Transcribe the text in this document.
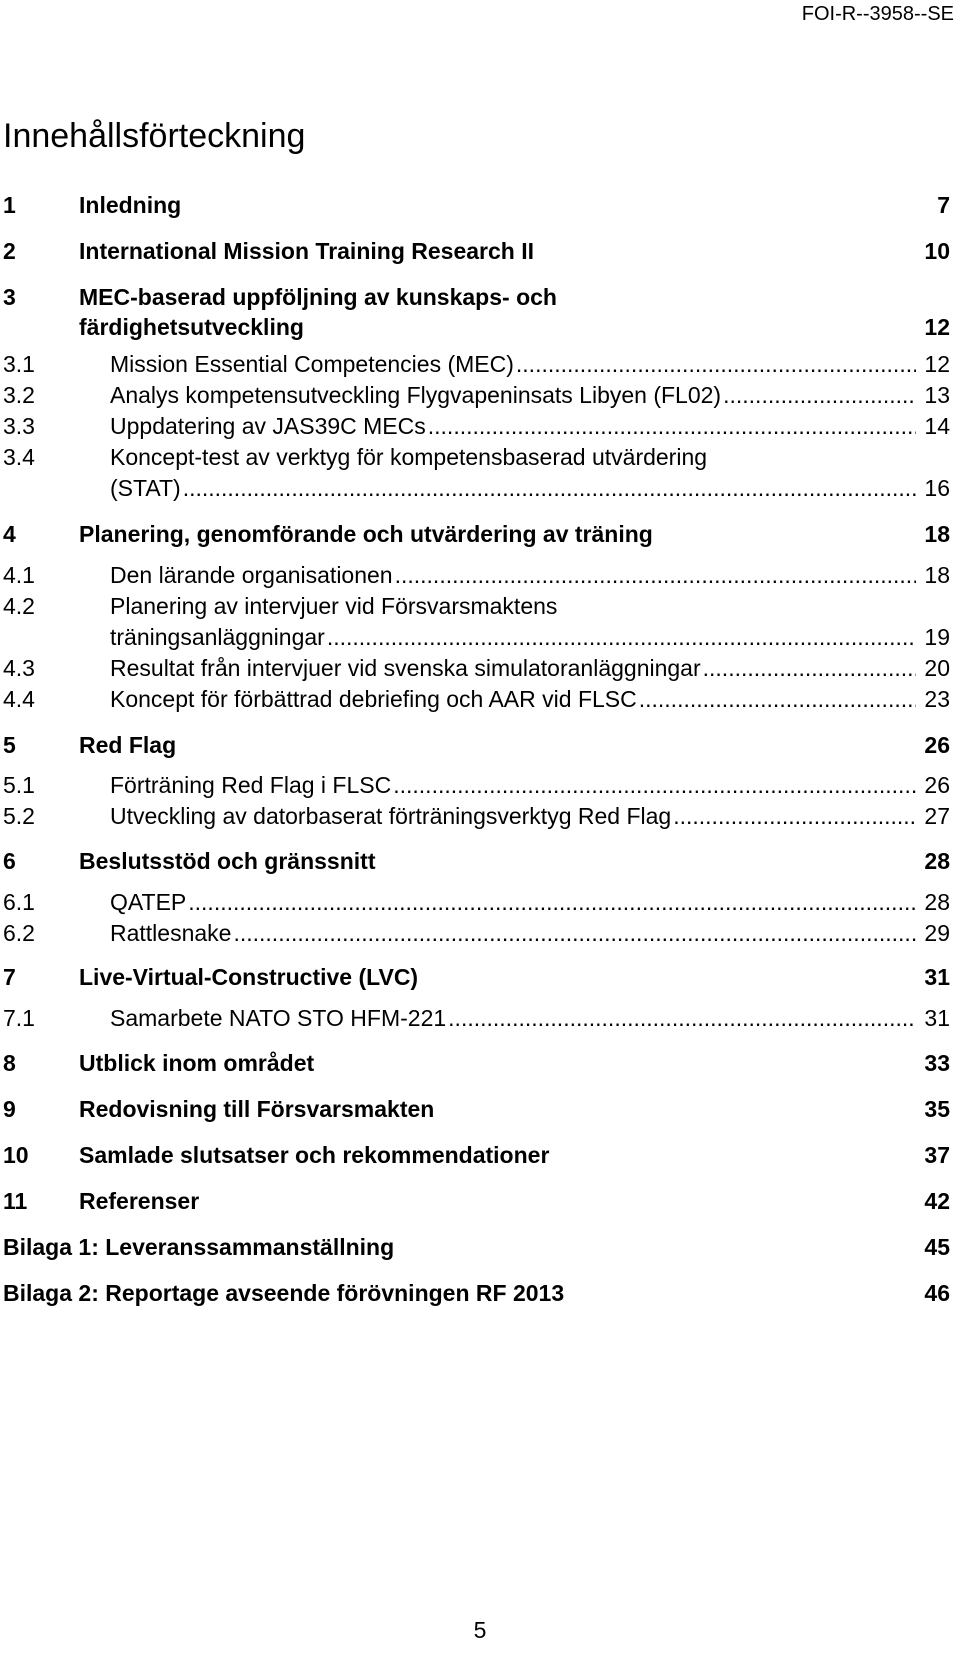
FOI-R--3958--SE
Innehållsförteckning
1	Inledning	7
2	International Mission Training Research II	10
3	MEC-baserad uppföljning av kunskaps- och
färdighetsutveckling	12
3.1	Mission Essential Competencies (MEC) .....	12
3.2	Analys kompetensutveckling Flygvapeninsats Libyen (FL02) .....	13
3.3	Uppdatering av JAS39C MECs .....	14
3.4	Koncept-test av verktyg för kompetensbaserad utvärdering
(STAT) .....	16
4	Planering, genomförande och utvärdering av träning	18
4.1	Den lärande organisationen .....	18
4.2	Planering av intervjuer vid Försvarsmaktens
träningsanläggningar .....	19
4.3	Resultat från intervjuer vid svenska simulatoranläggningar .....	20
4.4	Koncept för förbättrad debriefing och AAR vid FLSC .....	23
5	Red Flag	26
5.1	Förträning Red Flag i FLSC .....	26
5.2	Utveckling av datorbaserat förträningsverktyg Red Flag .....	27
6	Beslutsstöd och gränssnitt	28
6.1	QATEP .....	28
6.2	Rattlesnake .....	29
7	Live-Virtual-Constructive (LVC)	31
7.1	Samarbete NATO STO HFM-221 .....	31
8	Utblick inom området	33
9	Redovisning till Försvarsmakten	35
10 Samlade slutsatser och rekommendationer	37
11 Referenser	42
Bilaga 1: Leveranssammanställning	45
Bilaga 2: Reportage avseende förövningen RF 2013	46
5
